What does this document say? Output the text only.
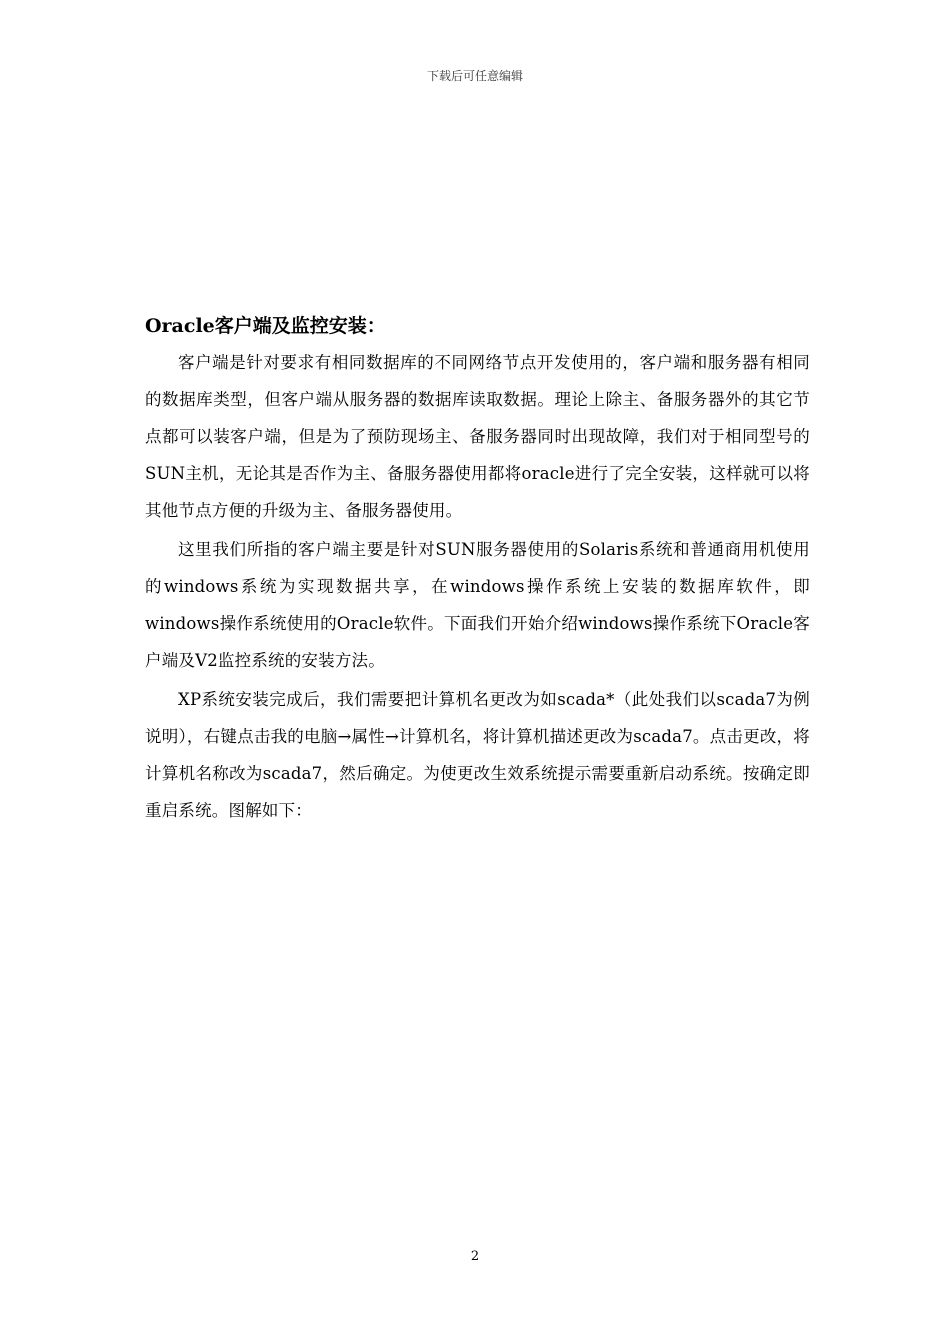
下载后可任意编辑
Oracle客户端及监控安装：

客户端是针对要求有相同数据库的不同网络节点开发使用的，客户端和服务器有相同的数据库类型，但客户端从服务器的数据库读取数据。理论上除主、备服务器外的其它节点都可以装客户端，但是为了预防现场主、备服务器同时出现故障，我们对于相同型号的SUN主机，无论其是否作为主、备服务器使用都将oracle进行了完全安装，这样就可以将其他节点方便的升级为主、备服务器使用。

这里我们所指的客户端主要是针对SUN服务器使用的Solaris系统和普通商用机使用的windows系统为实现数据共享，在windows操作系统上安装的数据库软件，即windows操作系统使用的Oracle软件。下面我们开始介绍windows操作系统下Oracle客户端及V2监控系统的安装方法。

XP系统安装完成后，我们需要把计算机名更改为如scada*（此处我们以scada7为例说明），右键点击我的电脑→属性→计算机名，将计算机描述更改为scada7。点击更改，将计算机名称改为scada7，然后确定。为使更改生效系统提示需要重新启动系统。按确定即重启系统。图解如下：

2
